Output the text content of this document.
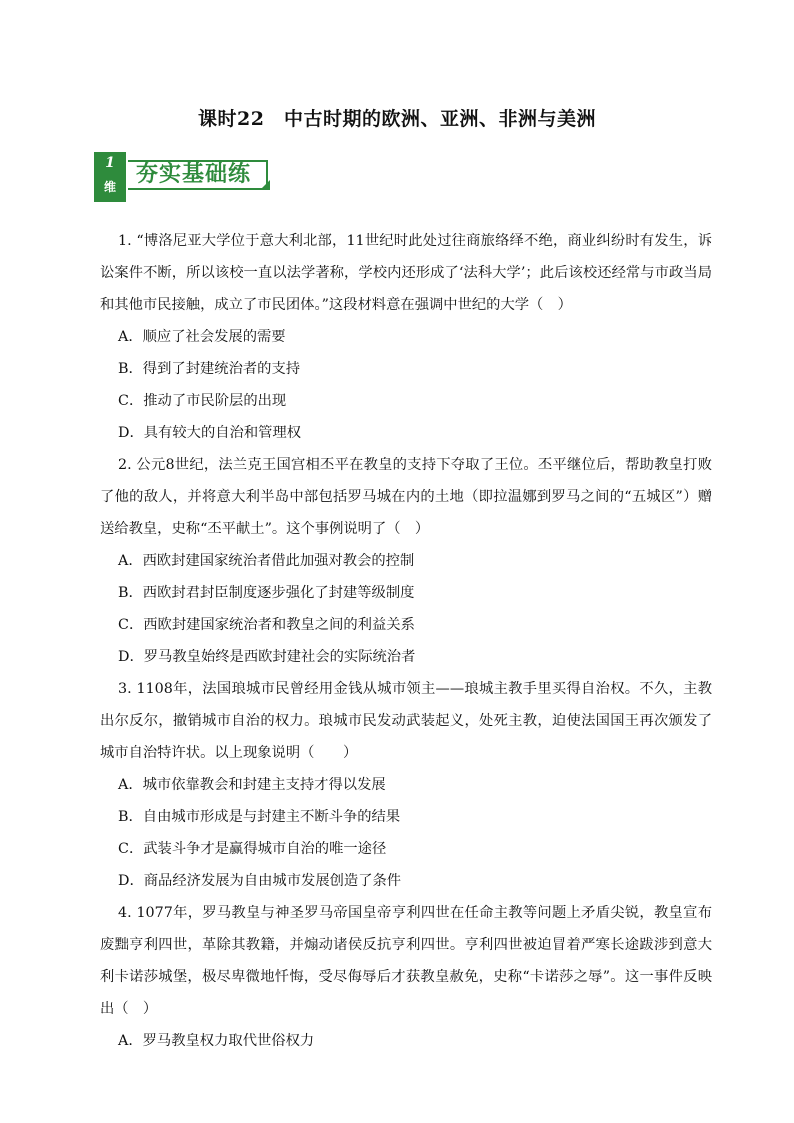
课时22　中古时期的欧洲、亚洲、非洲与美洲
1
维
夯实基础练

1. “博洛尼亚大学位于意大利北部，11世纪时此处过往商旅络绎不绝，商业纠纷时有发生，诉讼案件不断，所以该校一直以法学著称，学校内还形成了‘法科大学’；此后该校还经常与市政当局和其他市民接触，成立了市民团体。”这段材料意在强调中世纪的大学（　）

A．顺应了社会发展的需要

B．得到了封建统治者的支持

C．推动了市民阶层的出现

D．具有较大的自治和管理权

2. 公元8世纪，法兰克王国宫相丕平在教皇的支持下夺取了王位。丕平继位后，帮助教皇打败了他的敌人，并将意大利半岛中部包括罗马城在内的土地（即拉温娜到罗马之间的“五城区”）赠送给教皇，史称“丕平献土”。这个事例说明了（　）

A．西欧封建国家统治者借此加强对教会的控制

B．西欧封君封臣制度逐步强化了封建等级制度

C．西欧封建国家统治者和教皇之间的利益关系

D．罗马教皇始终是西欧封建社会的实际统治者

3. 1108年，法国琅城市民曾经用金钱从城市领主——琅城主教手里买得自治权。不久，主教出尔反尔，撤销城市自治的权力。琅城市民发动武装起义，处死主教，迫使法国国王再次颁发了城市自治特许状。以上现象说明（　　）

A．城市依靠教会和封建主支持才得以发展

B．自由城市形成是与封建主不断斗争的结果

C．武装斗争才是赢得城市自治的唯一途径

D．商品经济发展为自由城市发展创造了条件

4. 1077年，罗马教皇与神圣罗马帝国皇帝亨利四世在任命主教等问题上矛盾尖锐，教皇宣布废黜亨利四世，革除其教籍，并煽动诸侯反抗亨利四世。亨利四世被迫冒着严寒长途跋涉到意大利卡诺莎城堡，极尽卑微地忏悔，受尽侮辱后才获教皇赦免，史称“卡诺莎之辱”。这一事件反映出（　）

A．罗马教皇权力取代世俗权力
